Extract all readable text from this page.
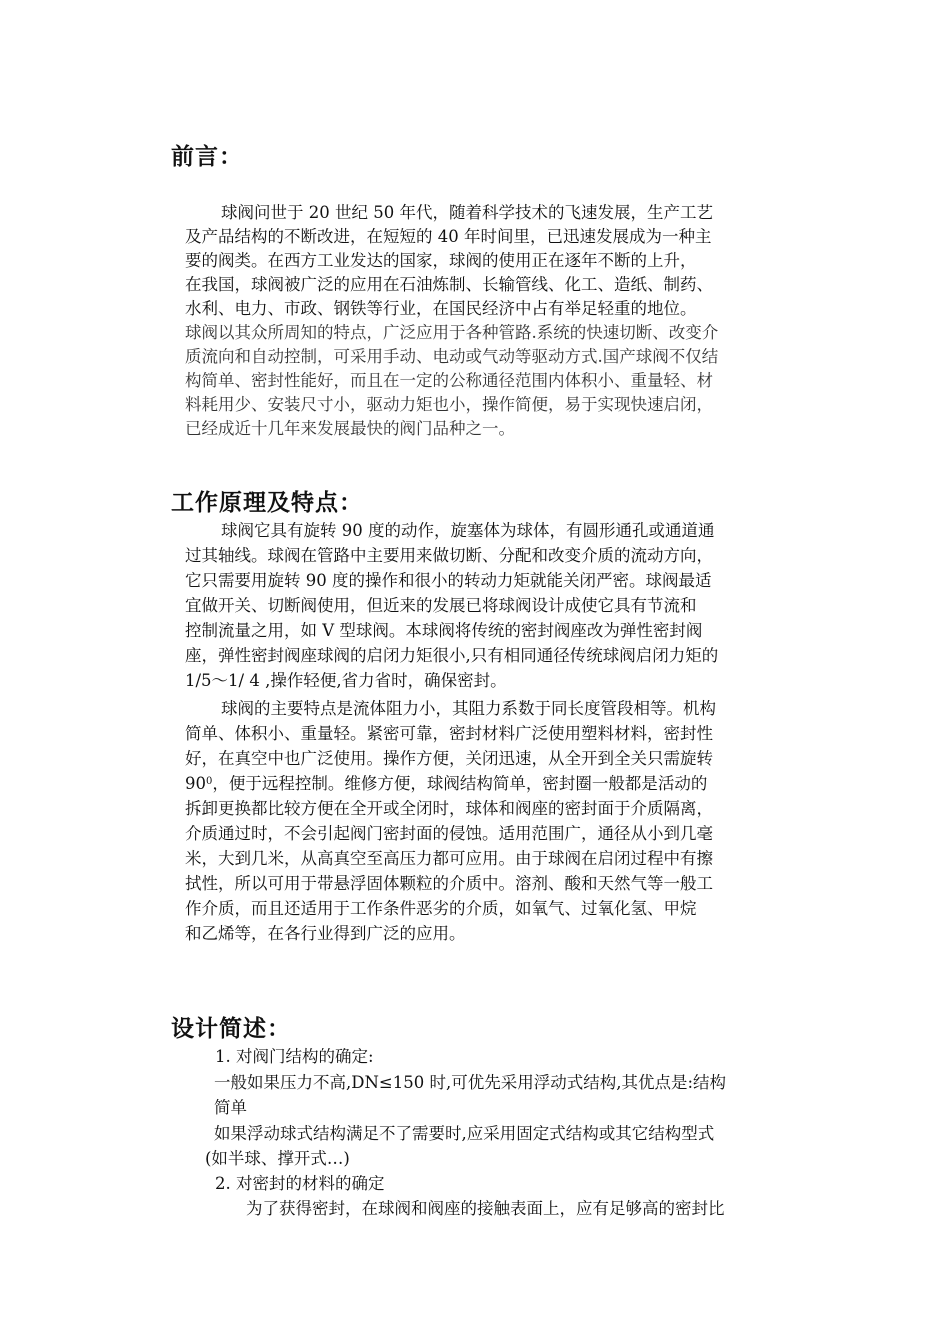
前言：
球阀问世于 20 世纪 50 年代，随着科学技术的飞速发展，生产工艺
及产品结构的不断改进，在短短的 40 年时间里，已迅速发展成为一种主
要的阀类。在西方工业发达的国家，球阀的使用正在逐年不断的上升，
在我国，球阀被广泛的应用在石油炼制、长输管线、化工、造纸、制药、
水利、电力、市政、钢铁等行业，在国民经济中占有举足轻重的地位。
球阀以其众所周知的特点，广泛应用于各种管路.系统的快速切断、改变介
质流向和自动控制，可采用手动、电动或气动等驱动方式.国产球阀不仅结
构简单、密封性能好，而且在一定的公称通径范围内体积小、重量轻、材
料耗用少、安装尺寸小，驱动力矩也小，操作简便，易于实现快速启闭，
已经成近十几年来发展最快的阀门品种之一。
工作原理及特点：
球阀它具有旋转 90 度的动作，旋塞体为球体，有圆形通孔或通道通
过其轴线。球阀在管路中主要用来做切断、分配和改变介质的流动方向，
它只需要用旋转 90 度的操作和很小的转动力矩就能关闭严密。球阀最适
宜做开关、切断阀使用，但近来的发展已将球阀设计成使它具有节流和
控制流量之用，如 V 型球阀。本球阀将传统的密封阀座改为弹性密封阀
座，弹性密封阀座球阀的启闭力矩很小,只有相同通径传统球阀启闭力矩的
1/5～1/ 4 ,操作轻便,省力省时，确保密封。
球阀的主要特点是流体阻力小，其阻力系数于同长度管段相等。机构
简单、体积小、重量轻。紧密可靠，密封材料广泛使用塑料材料，密封性
好，在真空中也广泛使用。操作方便，关闭迅速，从全开到全关只需旋转
$90^0$，便于远程控制。维修方便，球阀结构简单，密封圈一般都是活动的
拆卸更换都比较方便在全开或全闭时，球体和阀座的密封面于介质隔离，
介质通过时，不会引起阀门密封面的侵蚀。适用范围广，通径从小到几毫
米，大到几米，从高真空至高压力都可应用。由于球阀在启闭过程中有擦
拭性，所以可用于带悬浮固体颗粒的介质中。溶剂、酸和天然气等一般工
作介质，而且还适用于工作条件恶劣的介质，如氧气、过氧化氢、甲烷
和乙烯等，在各行业得到广泛的应用。
设计简述：
1. 对阀门结构的确定:
一般如果压力不高,DN≤150 时,可优先采用浮动式结构,其优点是:结构
简单
如果浮动球式结构满足不了需要时,应采用固定式结构或其它结构型式
(如半球、撑开式…)
2. 对密封的材料的确定
为了获得密封，在球阀和阀座的接触表面上，应有足够高的密封比
